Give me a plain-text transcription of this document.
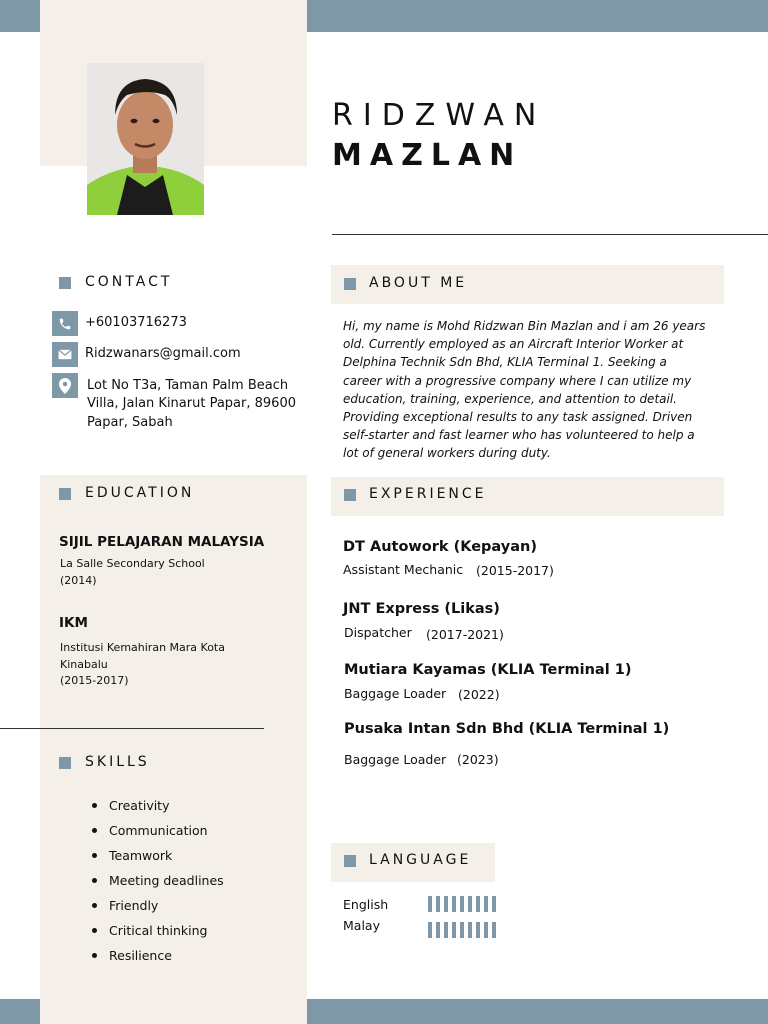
RIDZWAN
MAZLAN
CONTACT
+60103716273
Ridzwanars@gmail.com
Lot No T3a, Taman Palm Beach
Villa, Jalan Kinarut Papar, 89600
Papar, Sabah
ABOUT ME
Hi, my name is Mohd Ridzwan Bin Mazlan and i am 26 years
old. Currently employed as an Aircraft Interior Worker at
Delphina Technik Sdn Bhd, KLIA Terminal 1. Seeking a
career with a progressive company where I can utilize my
education, training, experience, and attention to detail.
Providing exceptional results to any task assigned. Driven
self-starter and fast learner who has volunteered to help a
lot of general workers during duty.
EDUCATION
SIJIL PELAJARAN MALAYSIA
La Salle Secondary School
(2014)
IKM
Institusi Kemahiran Mara Kota
Kinabalu
(2015-2017)
EXPERIENCE
DT Autowork (Kepayan)
Assistant Mechanic (2015-2017)
JNT Express (Likas)
Dispatcher (2017-2021)
Mutiara Kayamas (KLIA Terminal 1)
Baggage Loader (2022)
Pusaka Intan Sdn Bhd (KLIA Terminal 1)
Baggage Loader (2023)
SKILLS
Creativity
Communication
Teamwork
Meeting deadlines
Friendly
Critical thinking
Resilience
LANGUAGE
English
Malay
